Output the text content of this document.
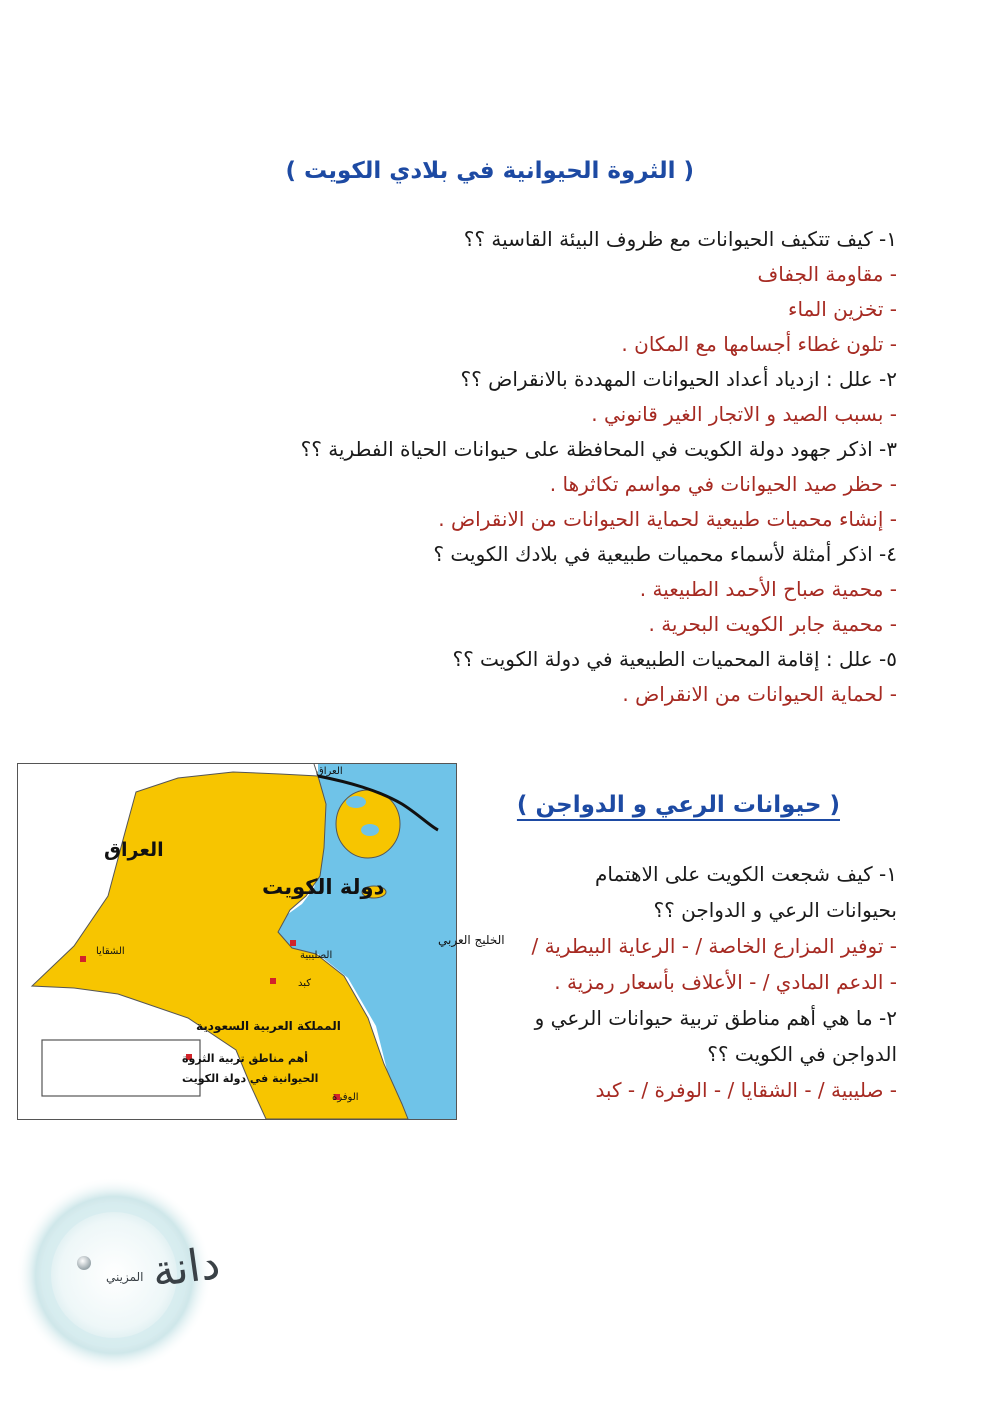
( الثروة الحيوانية في بلادي الكويت )
١- كيف تتكيف الحيوانات مع ظروف البيئة القاسية ؟؟
- مقاومة الجفاف
- تخزين الماء
- تلون غطاء أجسامها مع المكان .
٢- علل : ازدياد أعداد الحيوانات المهددة بالانقراض ؟؟
- بسبب الصيد و الاتجار الغير قانوني .
٣- اذكر جهود دولة الكويت في المحافظة على حيوانات الحياة الفطرية ؟؟
- حظر صيد الحيوانات في مواسم تكاثرها .
- إنشاء محميات طبيعية لحماية الحيوانات من الانقراض .
٤- اذكر أمثلة لأسماء محميات طبيعية في بلادك الكويت ؟
- محمية صباح الأحمد الطبيعية .
- محمية جابر الكويت البحرية .
٥- علل : إقامة المحميات الطبيعية في دولة الكويت ؟؟
- لحماية الحيوانات من الانقراض .
( حيوانات الرعي و الدواجن )
١- كيف شجعت الكويت على الاهتمام
بحيوانات الرعي و الدواجن ؟؟
- توفير المزارع الخاصة / - الرعاية البيطرية /
- الدعم المادي / - الأعلاف بأسعار رمزية .
٢- ما هي أهم مناطق تربية حيوانات الرعي و
الدواجن في الكويت ؟؟
- صليبية / - الشقايا / - الوفرة / - كبد
العراق
العراق
دولة الكويت
الخليج العربي
المملكة العربية السعودية
الشقايا	الصليبية
كبد
الوفرة
أهم مناطق تربية الثروة
الحيوانية في دولة الكويت
دانة
المزيني
